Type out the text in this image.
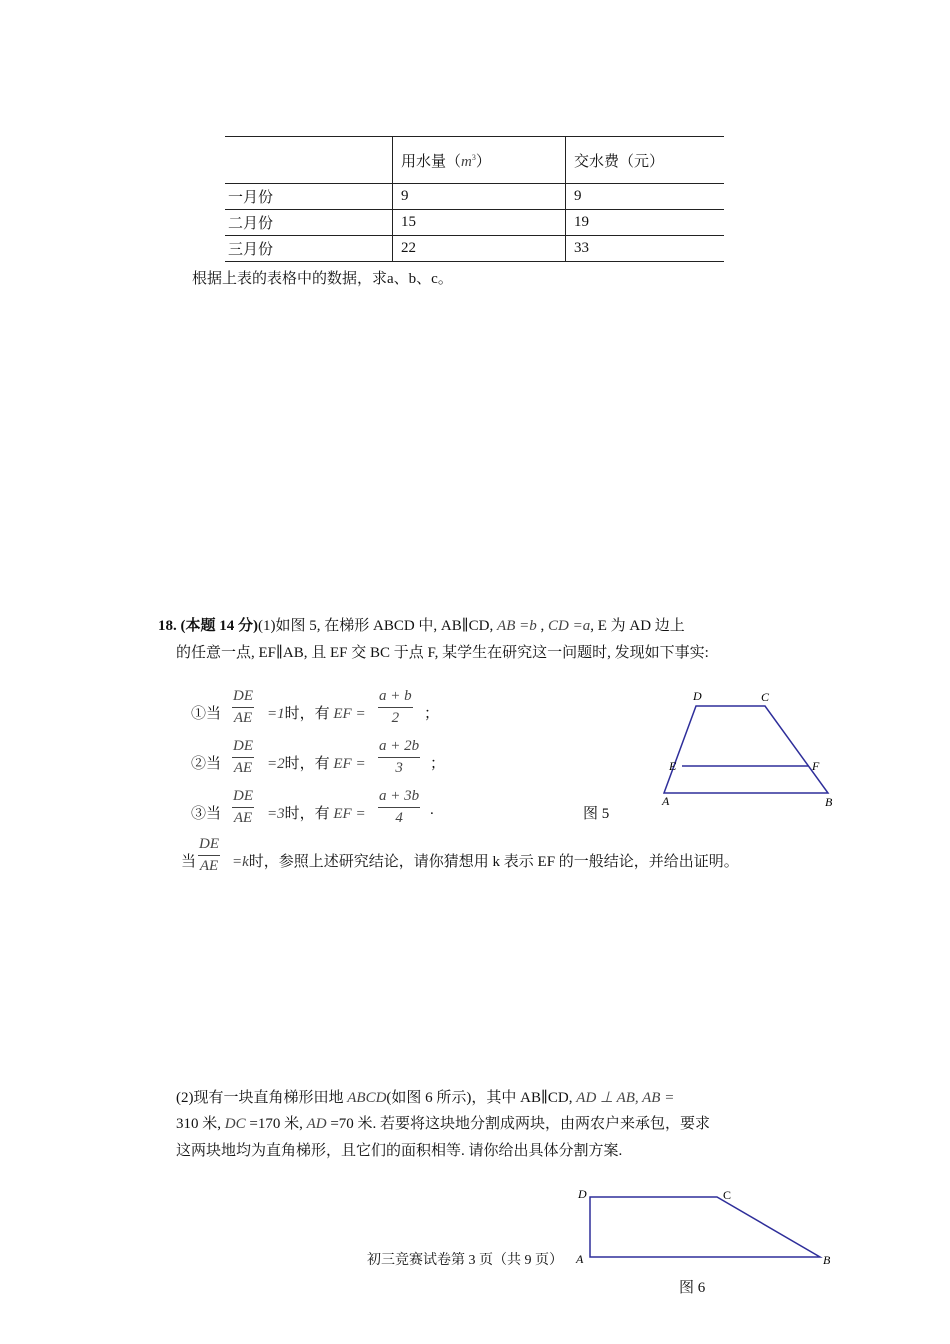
	用水量$(m^3)$	交水费（元）
一月份	9	9
二月份	15	19
三月份	22	33
根据上表的表格中的数据，求a、b、c。
18. (本题 14 分)(1)如图 5, 在梯形 ABCD 中, AB∥CD, AB =b , CD =a, E 为 AD 边上
的任意一点, EF∥AB, 且 EF 交 BC 于点 F, 某学生在研究这一问题时, 发现如下事实:
①当 $\frac{DE}{AE} =1$时，有 EF = $\frac{a + b}{2}$ ；
②当 $\frac{DE}{AE} =2$时，有 EF = $\frac{a + 2b}{3}$ ；
③当 $\frac{DE}{AE} =3$时，有 EF = $\frac{a + 3b}{4}$ .
D	C
E	F
A	B
图 5
当 $\frac{DE}{AE} =k$时，参照上述研究结论，请你猜想用 k 表示 EF 的一般结论，并给出证明。
(2)现有一块直角梯形田地 ABCD(如图 6 所示)，其中 AB∥CD, AD ⊥ AB, AB =
310 米, DC =170 米, AD =70 米. 若要将这块地分割成两块，由两农户来承包，要求
这两块地均为直角梯形，且它们的面积相等. 请你给出具体分割方案.
D	C
A	B
图 6
初三竞赛试卷第 3 页（共 9 页）
